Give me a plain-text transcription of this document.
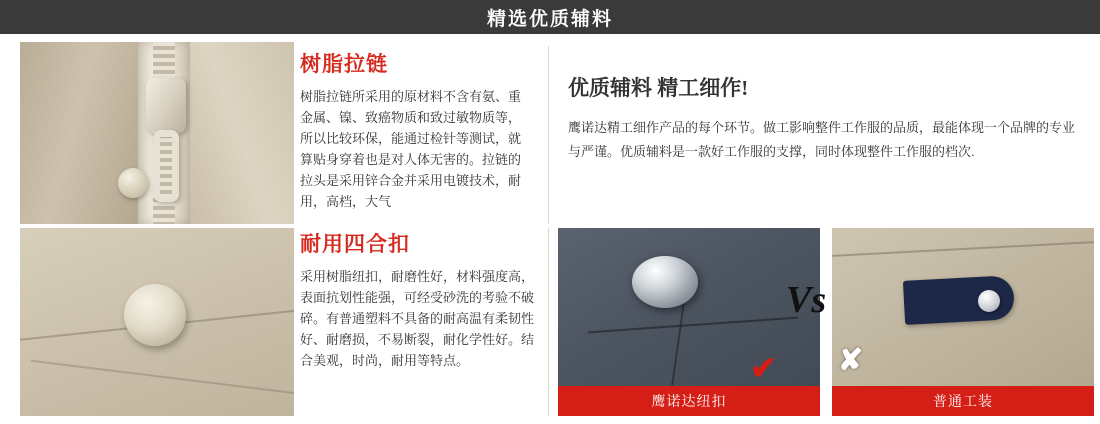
精选优质辅料

树脂拉链

树脂拉链所采用的原材料不含有氨、重金属、镍、致癌物质和致过敏物质等，所以比较环保，能通过检针等测试，就算贴身穿着也是对人体无害的。拉链的拉头是采用锌合金并采用电镀技术，耐用，高档，大气

优质辅料 精工细作!

鹰诺达精工细作产品的每个环节。做工影响整件工作服的品质，最能体现一个品牌的专业与严谨。优质辅料是一款好工作服的支撑，同时体现整件工作服的档次.

耐用四合扣

采用树脂纽扣，耐磨性好，材料强度高，表面抗划性能强，可经受砂洗的考验不破碎。有普通塑料不具备的耐高温有柔韧性好、耐磨损，不易断裂，耐化学性好。结合美观，时尚，耐用等特点。

鹰诺达纽扣	普通工装
Vs
✔ ✘
